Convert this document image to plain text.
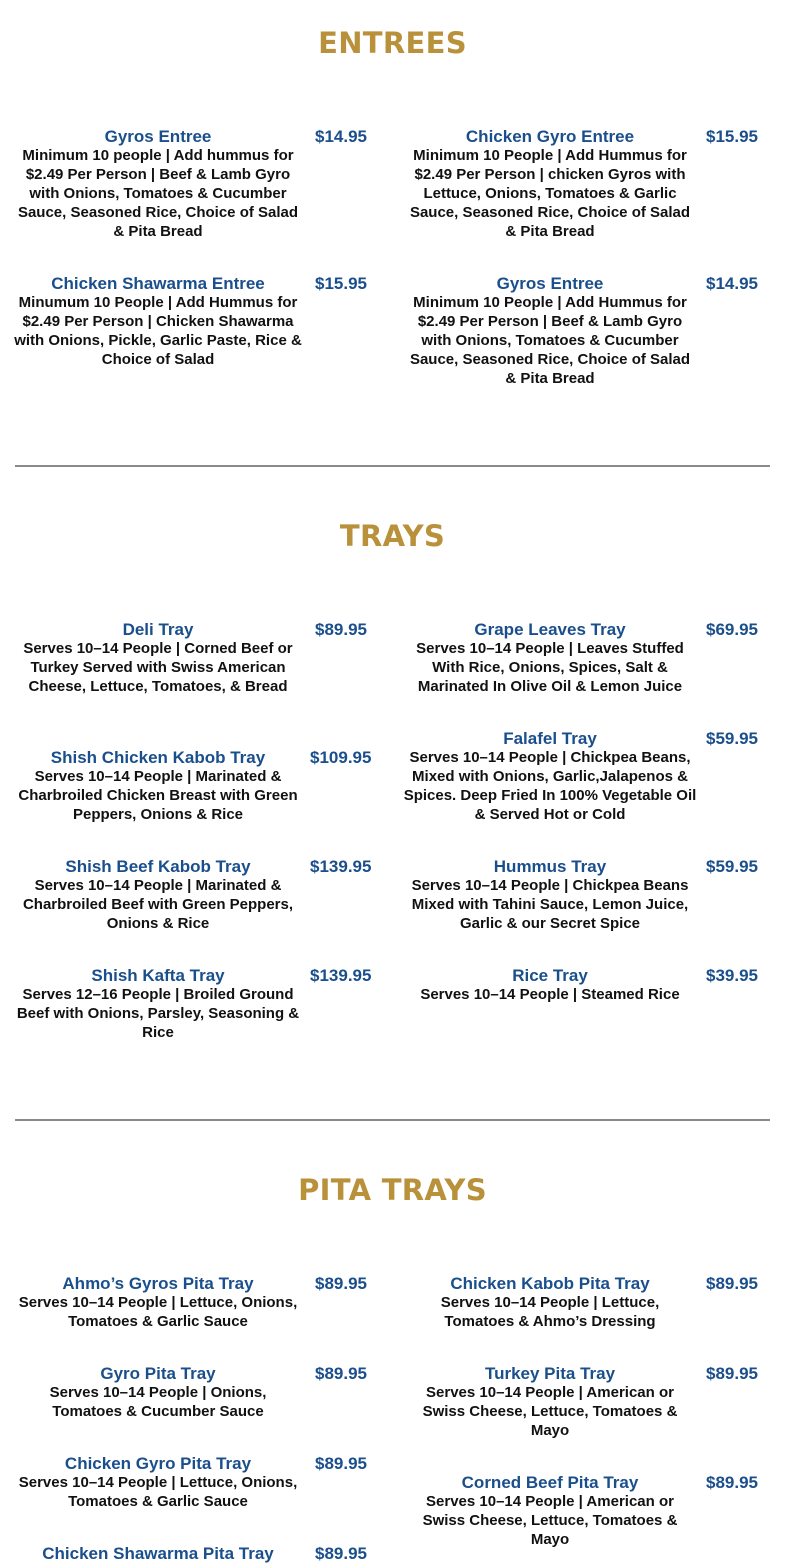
ENTREES
Gyros Entree	$14.95
Minimum 10 people | Add hummus for $2.49 Per Person | Beef & Lamb Gyro with Onions, Tomatoes & Cucumber Sauce, Seasoned Rice, Choice of Salad & Pita Bread
Chicken Shawarma Entree	$15.95
Minumum 10 People | Add Hummus for $2.49 Per Person | Chicken Shawarma with Onions, Pickle, Garlic Paste, Rice & Choice of Salad
Chicken Gyro Entree	$15.95
Minimum 10 People | Add Hummus for $2.49 Per Person | chicken Gyros with Lettuce, Onions, Tomatoes & Garlic Sauce, Seasoned Rice, Choice of Salad & Pita Bread
Gyros Entree	$14.95
Minimum 10 People | Add Hummus for $2.49 Per Person | Beef & Lamb Gyro with Onions, Tomatoes & Cucumber Sauce, Seasoned Rice, Choice of Salad & Pita Bread
TRAYS
Deli Tray	$89.95
Serves 10–14 People | Corned Beef or Turkey Served with Swiss American Cheese, Lettuce, Tomatoes, & Bread
Shish Chicken Kabob Tray	$109.95
Serves 10–14 People | Marinated & Charbroiled Chicken Breast with Green Peppers, Onions & Rice
Shish Beef Kabob Tray	$139.95
Serves 10–14 People | Marinated & Charbroiled Beef with Green Peppers, Onions & Rice
Shish Kafta Tray	$139.95
Serves 12–16 People | Broiled Ground Beef with Onions, Parsley, Seasoning & Rice
Grape Leaves Tray	$69.95
Serves 10–14 People | Leaves Stuffed With Rice, Onions, Spices, Salt & Marinated In Olive Oil & Lemon Juice
Falafel Tray	$59.95
Serves 10–14 People | Chickpea Beans, Mixed with Onions, Garlic,Jalapenos & Spices. Deep Fried In 100% Vegetable Oil & Served Hot or Cold
Hummus Tray	$59.95
Serves 10–14 People | Chickpea Beans Mixed with Tahini Sauce, Lemon Juice, Garlic & our Secret Spice
Rice Tray	$39.95
Serves 10–14 People | Steamed Rice
PITA TRAYS
Ahmo’s Gyros Pita Tray	$89.95
Serves 10–14 People | Lettuce, Onions, Tomatoes & Garlic Sauce
Gyro Pita Tray	$89.95
Serves 10–14 People | Onions, Tomatoes & Cucumber Sauce
Chicken Gyro Pita Tray	$89.95
Serves 10–14 People | Lettuce, Onions, Tomatoes & Garlic Sauce
Chicken Shawarma Pita Tray	$89.95
Chicken Kabob Pita Tray	$89.95
Serves 10–14 People | Lettuce, Tomatoes & Ahmo’s Dressing
Turkey Pita Tray	$89.95
Serves 10–14 People | American or Swiss Cheese, Lettuce, Tomatoes & Mayo
Corned Beef Pita Tray	$89.95
Serves 10–14 People | American or Swiss Cheese, Lettuce, Tomatoes & Mayo
